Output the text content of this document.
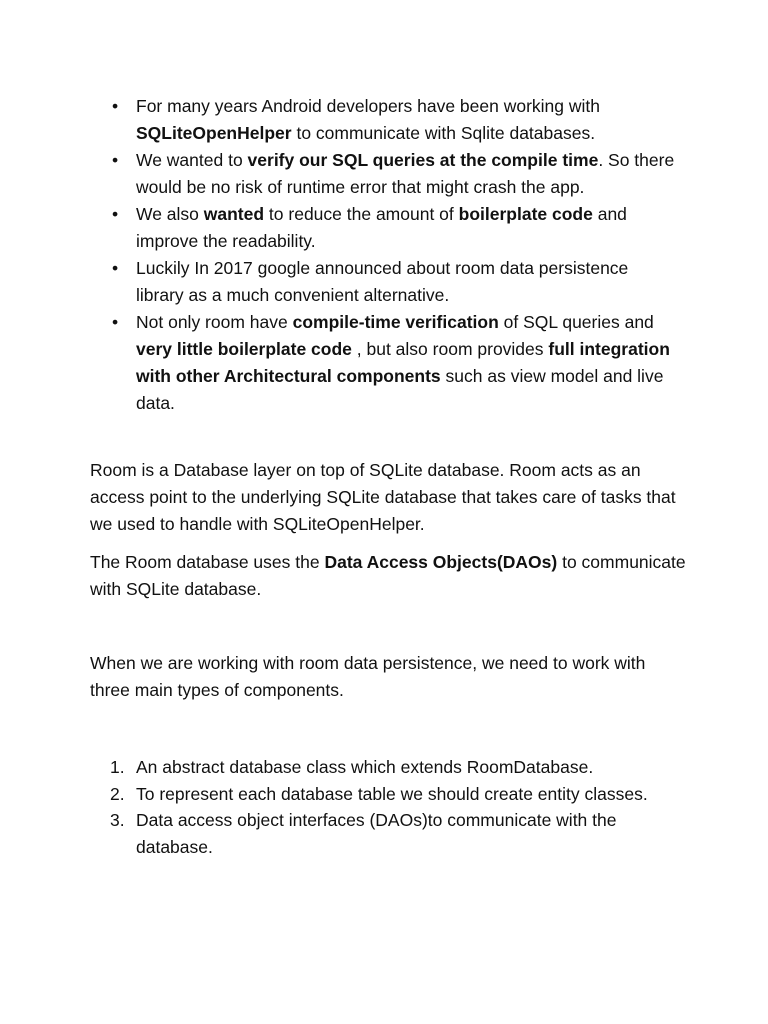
• For many years Android developers have been working with SQLiteOpenHelper to communicate with Sqlite databases.
• We wanted to verify our SQL queries at the compile time. So there would be no risk of runtime error that might crash the app.
• We also wanted to reduce the amount of boilerplate code and improve the readability.
• Luckily In 2017 google announced about room data persistence library as a much convenient alternative.
• Not only room have compile-time verification of SQL queries and very little boilerplate code , but also room provides full integration with other Architectural components such as view model and live data.

Room is a Database layer on top of SQLite database. Room acts as an access point to the underlying SQLite database that takes care of tasks that we used to handle with SQLiteOpenHelper.

The Room database uses the Data Access Objects(DAOs) to communicate with SQLite database.

When we are working with room data persistence, we need to work with three main types of components.

1. An abstract database class which extends RoomDatabase.
2. To represent each database table we should create entity classes.
3. Data access object interfaces (DAOs)to communicate with the database.
